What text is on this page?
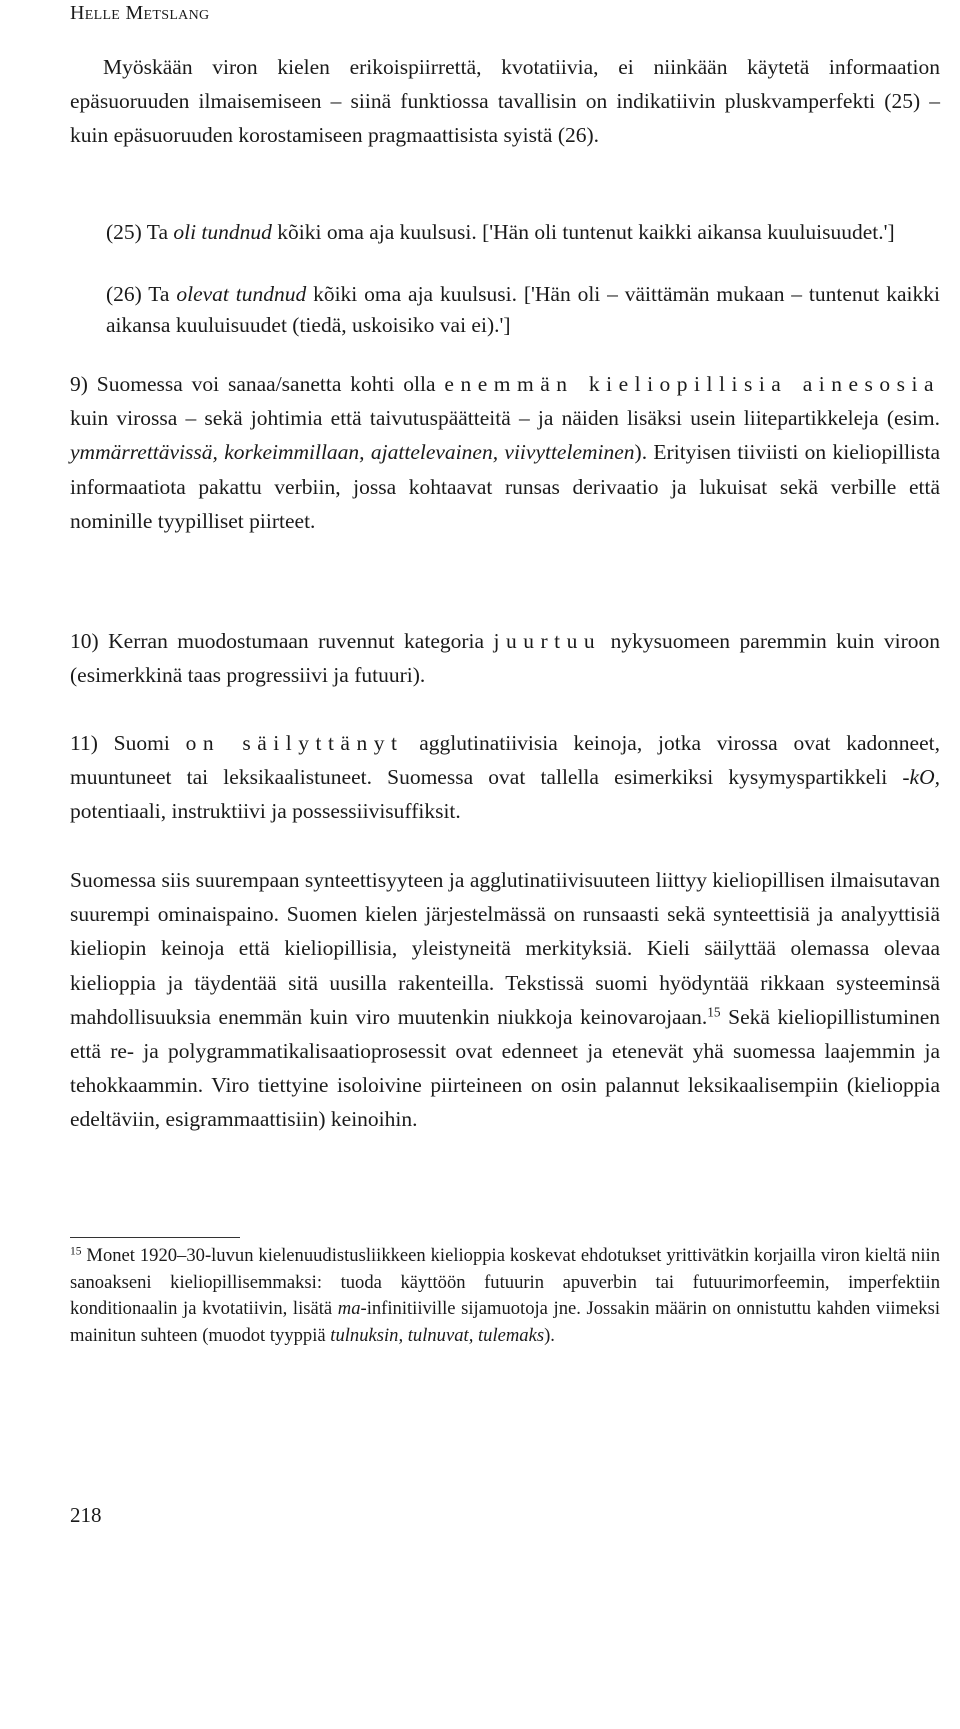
Helle Metslang

Myöskään viron kielen erikoispiirrettä, kvotatiivia, ei niinkään käytetä informaation epäsuoruuden ilmaisemiseen – siinä funktiossa tavallisin on indikatiivin pluskvamperfekti (25) – kuin epäsuoruuden korostamiseen pragmaattisista syistä (26).

(25) Ta oli tundnud kõiki oma aja kuulsusi. ['Hän oli tuntenut kaikki aikansa kuuluisuudet.']

(26) Ta olevat tundnud kõiki oma aja kuulsusi. ['Hän oli – väittämän mukaan – tuntenut kaikki aikansa kuuluisuudet (tiedä, uskoisiko vai ei).']

9) Suomessa voi sanaa/sanetta kohti olla enemmän kieliopillisia ainesosia kuin virossa – sekä johtimia että taivutuspäätteitä – ja näiden lisäksi usein liitepartikkeleja (esim. ymmärrettävissä, korkeimmillaan, ajattelevainen, viivytteleminen). Erityisen tiiviisti on kieliopillista informaatiota pakattu verbiin, jossa kohtaavat runsas derivaatio ja lukuisat sekä verbille että nominille tyypilliset piirteet.

10) Kerran muodostumaan ruvennut kategoria juurtuu nykysuomeen paremmin kuin viroon (esimerkkinä taas progressiivi ja futuuri).

11) Suomi on säilyttänyt agglutinatiivisia keinoja, jotka virossa ovat kadonneet, muuntuneet tai leksikaalistuneet. Suomessa ovat tallella esimerkiksi kysymyspartikkeli -kO, potentiaali, instruktiivi ja possessiivisuffiksit.

Suomessa siis suurempaan synteettisyyteen ja agglutinatiivisuuteen liittyy kieliopillisen ilmaisutavan suurempi ominaispaino. Suomen kielen järjestelmässä on runsaasti sekä synteettisiä ja analyyttisiä kieliopin keinoja että kieliopillisia, yleistyneitä merkityksiä. Kieli säilyttää olemassa olevaa kielioppia ja täydentää sitä uusilla rakenteilla. Tekstissä suomi hyödyntää rikkaan systeeminsä mahdollisuuksia enemmän kuin viro muutenkin niukkoja keinovarojaan.$^{15}$ Sekä kieliopillistuminen että re- ja polygrammatikalisaatioprosessit ovat edenneet ja etenevät yhä suomessa laajemmin ja tehokkaammin. Viro tiettyine isoloivine piirteineen on osin palannut leksikaalisempiin (kielioppia edeltäviin, esigrammaattisiin) keinoihin.

$^{15}$ Monet 1920–30-luvun kielenuudistusliikkeen kielioppia koskevat ehdotukset yrittivätkin korjailla viron kieltä niin sanoakseni kieliopillisemmaksi: tuoda käyttöön futuurin apuverbin tai futuurimorfeemin, imperfektiin konditionaalin ja kvotatiivin, lisätä ma-infinitiiville sijamuotoja jne. Jossakin määrin on onnistuttu kahden viimeksi mainitun suhteen (muodot tyyppiä tulnuksin, tulnuvat, tulemaks).

218
